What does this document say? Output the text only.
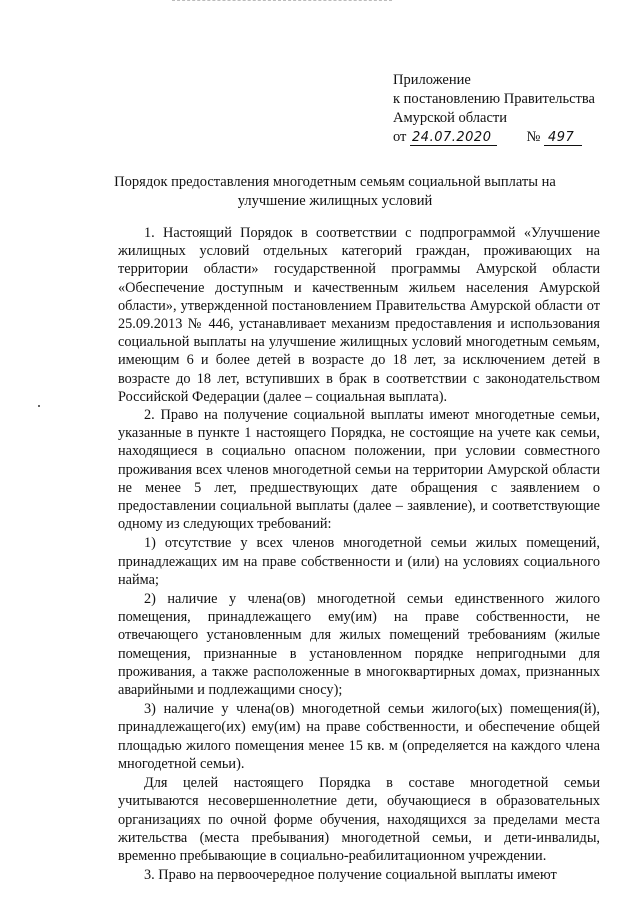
Приложение
к постановлению Правительства
Амурской области
от 24.07.2020 № 497
Порядок предоставления многодетным семьям социальной выплаты на улучшение жилищных условий

1. Настоящий Порядок в соответствии с подпрограммой «Улучшение жилищных условий отдельных категорий граждан, проживающих на территории области» государственной программы Амурской области «Обеспечение доступным и качественным жильем населения Амурской области», утвержденной постановлением Правительства Амурской области от 25.09.2013 № 446, устанавливает механизм предоставления и использования социальной выплаты на улучшение жилищных условий многодетным семьям, имеющим 6 и более детей в возрасте до 18 лет, за исключением детей в возрасте до 18 лет, вступивших в брак в соответствии с законодательством Российской Федерации (далее – социальная выплата).

2. Право на получение социальной выплаты имеют многодетные семьи, указанные в пункте 1 настоящего Порядка, не состоящие на учете как семьи, находящиеся в социально опасном положении, при условии совместного проживания всех членов многодетной семьи на территории Амурской области не менее 5 лет, предшествующих дате обращения с заявлением о предоставлении социальной выплаты (далее – заявление), и соответствующие одному из следующих требований:

1) отсутствие у всех членов многодетной семьи жилых помещений, принадлежащих им на праве собственности и (или) на условиях социального найма;

2) наличие у члена(ов) многодетной семьи единственного жилого помещения, принадлежащего ему(им) на праве собственности, не отвечающего установленным для жилых помещений требованиям (жилые помещения, признанные в установленном порядке непригодными для проживания, а также расположенные в многоквартирных домах, признанных аварийными и подлежащими сносу);

3) наличие у члена(ов) многодетной семьи жилого(ых) помещения(й), принадлежащего(их) ему(им) на праве собственности, и обеспечение общей площадью жилого помещения менее 15 кв. м (определяется на каждого члена многодетной семьи).

Для целей настоящего Порядка в составе многодетной семьи учитываются несовершеннолетние дети, обучающиеся в образовательных организациях по очной форме обучения, находящихся за пределами места жительства (места пребывания) многодетной семьи, и дети-инвалиды, временно пребывающие в социально-реабилитационном учреждении.

3. Право на первоочередное получение социальной выплаты имеют
